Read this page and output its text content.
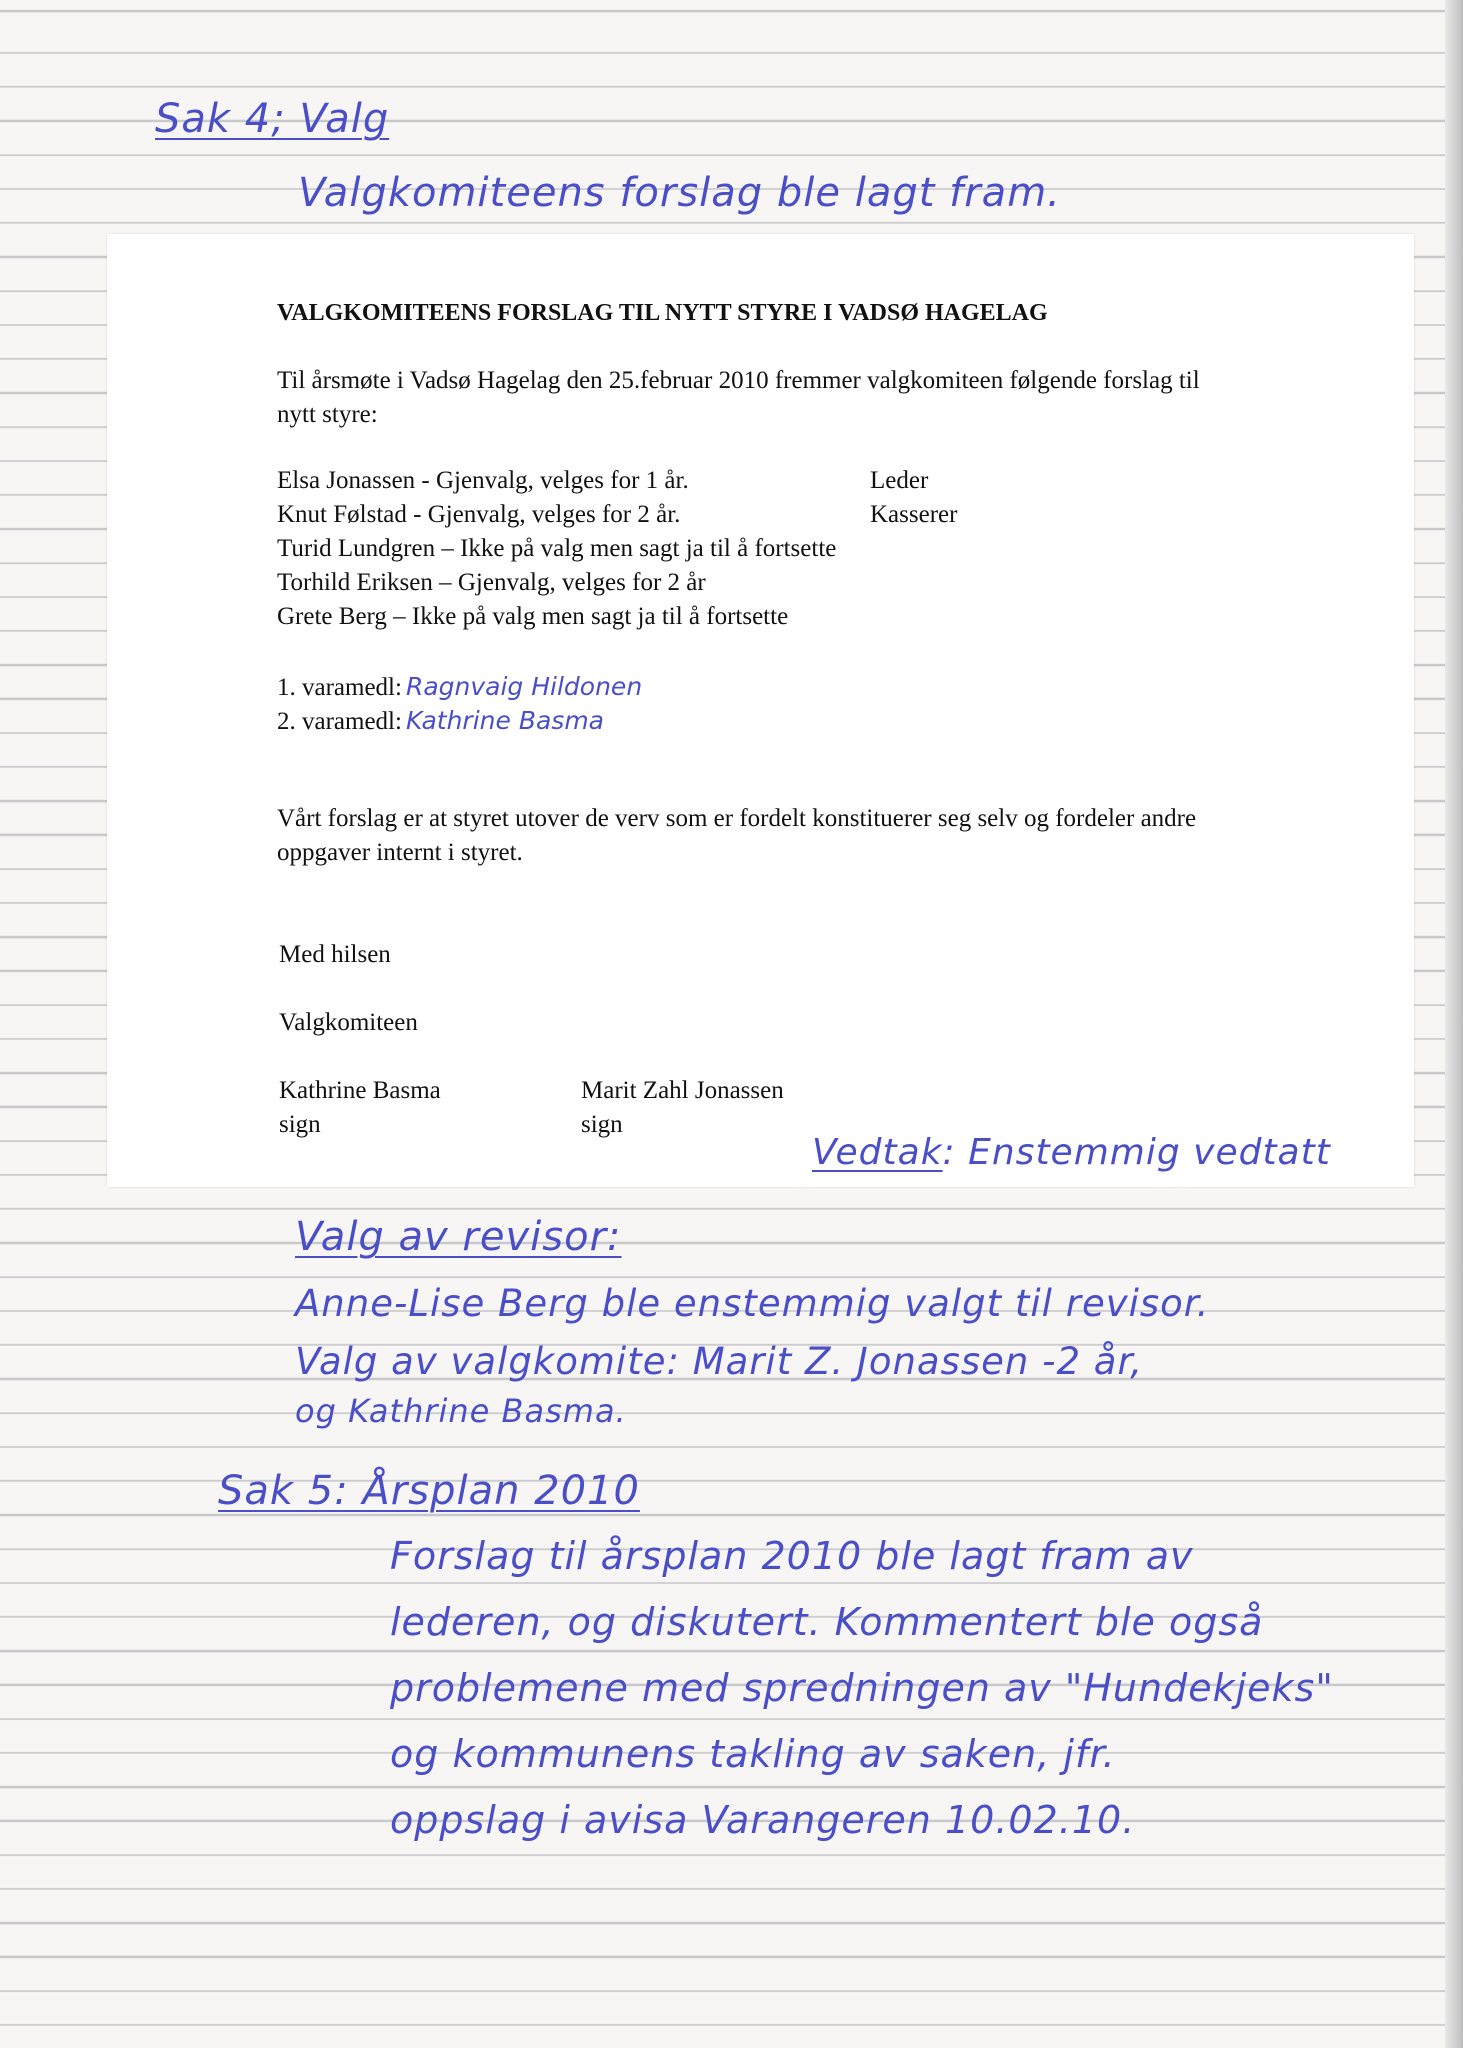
Sak 4; Valg

Valgkomiteens forslag ble lagt fram.

VALGKOMITEENS FORSLAG TIL NYTT STYRE I VADSØ HAGELAG

Til årsmøte i Vadsø Hagelag den 25.februar 2010 fremmer valgkomiteen følgende forslag til

nytt styre:

Elsa Jonassen - Gjenvalg, velges for 1 år.	Leder
Knut Følstad - Gjenvalg, velges for 2 år.	Kasserer
Turid Lundgren – Ikke på valg men sagt ja til å fortsette
Torhild Eriksen – Gjenvalg, velges for 2 år
Grete Berg – Ikke på valg men sagt ja til å fortsette

1. varamedl: Ragnvaig Hildonen

2. varamedl: Kathrine Basma

Vårt forslag er at styret utover de verv som er fordelt konstituerer seg selv og fordeler andre

oppgaver internt i styret.

Med hilsen

Valgkomiteen

Kathrine Basma

sign

Marit Zahl Jonassen

sign

Vedtak: Enstemmig vedtatt

Valg av revisor:

Anne-Lise Berg ble enstemmig valgt til revisor.

Valg av valgkomite: Marit Z. Jonassen -2 år,

og Kathrine Basma.

Sak 5: Årsplan 2010

Forslag til årsplan 2010 ble lagt fram av

lederen, og diskutert. Kommentert ble også

problemene med spredningen av "Hundekjeks"

og kommunens takling av saken, jfr.

oppslag i avisa Varangeren 10.02.10.
